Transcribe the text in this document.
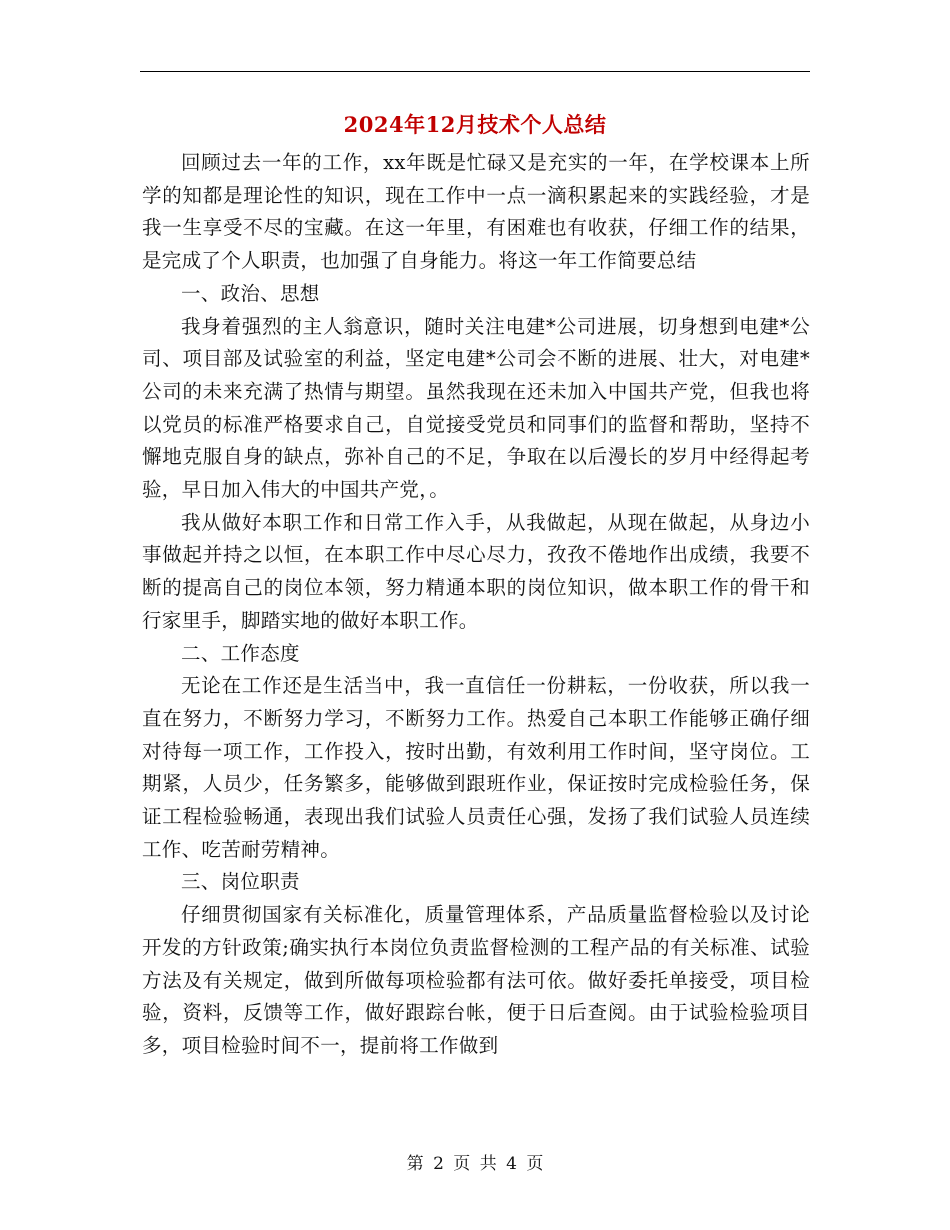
2024年12月技术个人总结

回顾过去一年的工作，xx年既是忙碌又是充实的一年，在学校课本上所学的知都是理论性的知识，现在工作中一点一滴积累起来的实践经验，才是我一生享受不尽的宝藏。在这一年里，有困难也有收获，仔细工作的结果，是完成了个人职责，也加强了自身能力。将这一年工作简要总结

一、政治、思想

我身着强烈的主人翁意识，随时关注电建*公司进展，切身想到电建*公司、项目部及试验室的利益，坚定电建*公司会不断的进展、壮大，对电建*公司的未来充满了热情与期望。虽然我现在还未加入中国共产党，但我也将以党员的标准严格要求自己，自觉接受党员和同事们的监督和帮助，坚持不懈地克服自身的缺点，弥补自己的不足，争取在以后漫长的岁月中经得起考验，早日加入伟大的中国共产党，。

我从做好本职工作和日常工作入手，从我做起，从现在做起，从身边小事做起并持之以恒，在本职工作中尽心尽力，孜孜不倦地作出成绩，我要不断的提高自己的岗位本领，努力精通本职的岗位知识，做本职工作的骨干和行家里手，脚踏实地的做好本职工作。

二、工作态度

无论在工作还是生活当中，我一直信任一份耕耘，一份收获，所以我一直在努力，不断努力学习，不断努力工作。热爱自己本职工作能够正确仔细对待每一项工作，工作投入，按时出勤，有效利用工作时间，坚守岗位。工期紧，人员少，任务繁多，能够做到跟班作业，保证按时完成检验任务，保证工程检验畅通，表现出我们试验人员责任心强，发扬了我们试验人员连续工作、吃苦耐劳精神。

三、岗位职责

仔细贯彻国家有关标准化，质量管理体系，产品质量监督检验以及讨论开发的方针政策;确实执行本岗位负责监督检测的工程产品的有关标准、试验方法及有关规定，做到所做每项检验都有法可依。做好委托单接受，项目检验，资料，反馈等工作，做好跟踪台帐，便于日后查阅。由于试验检验项目多，项目检验时间不一，提前将工作做到

第 2 页 共 4 页
